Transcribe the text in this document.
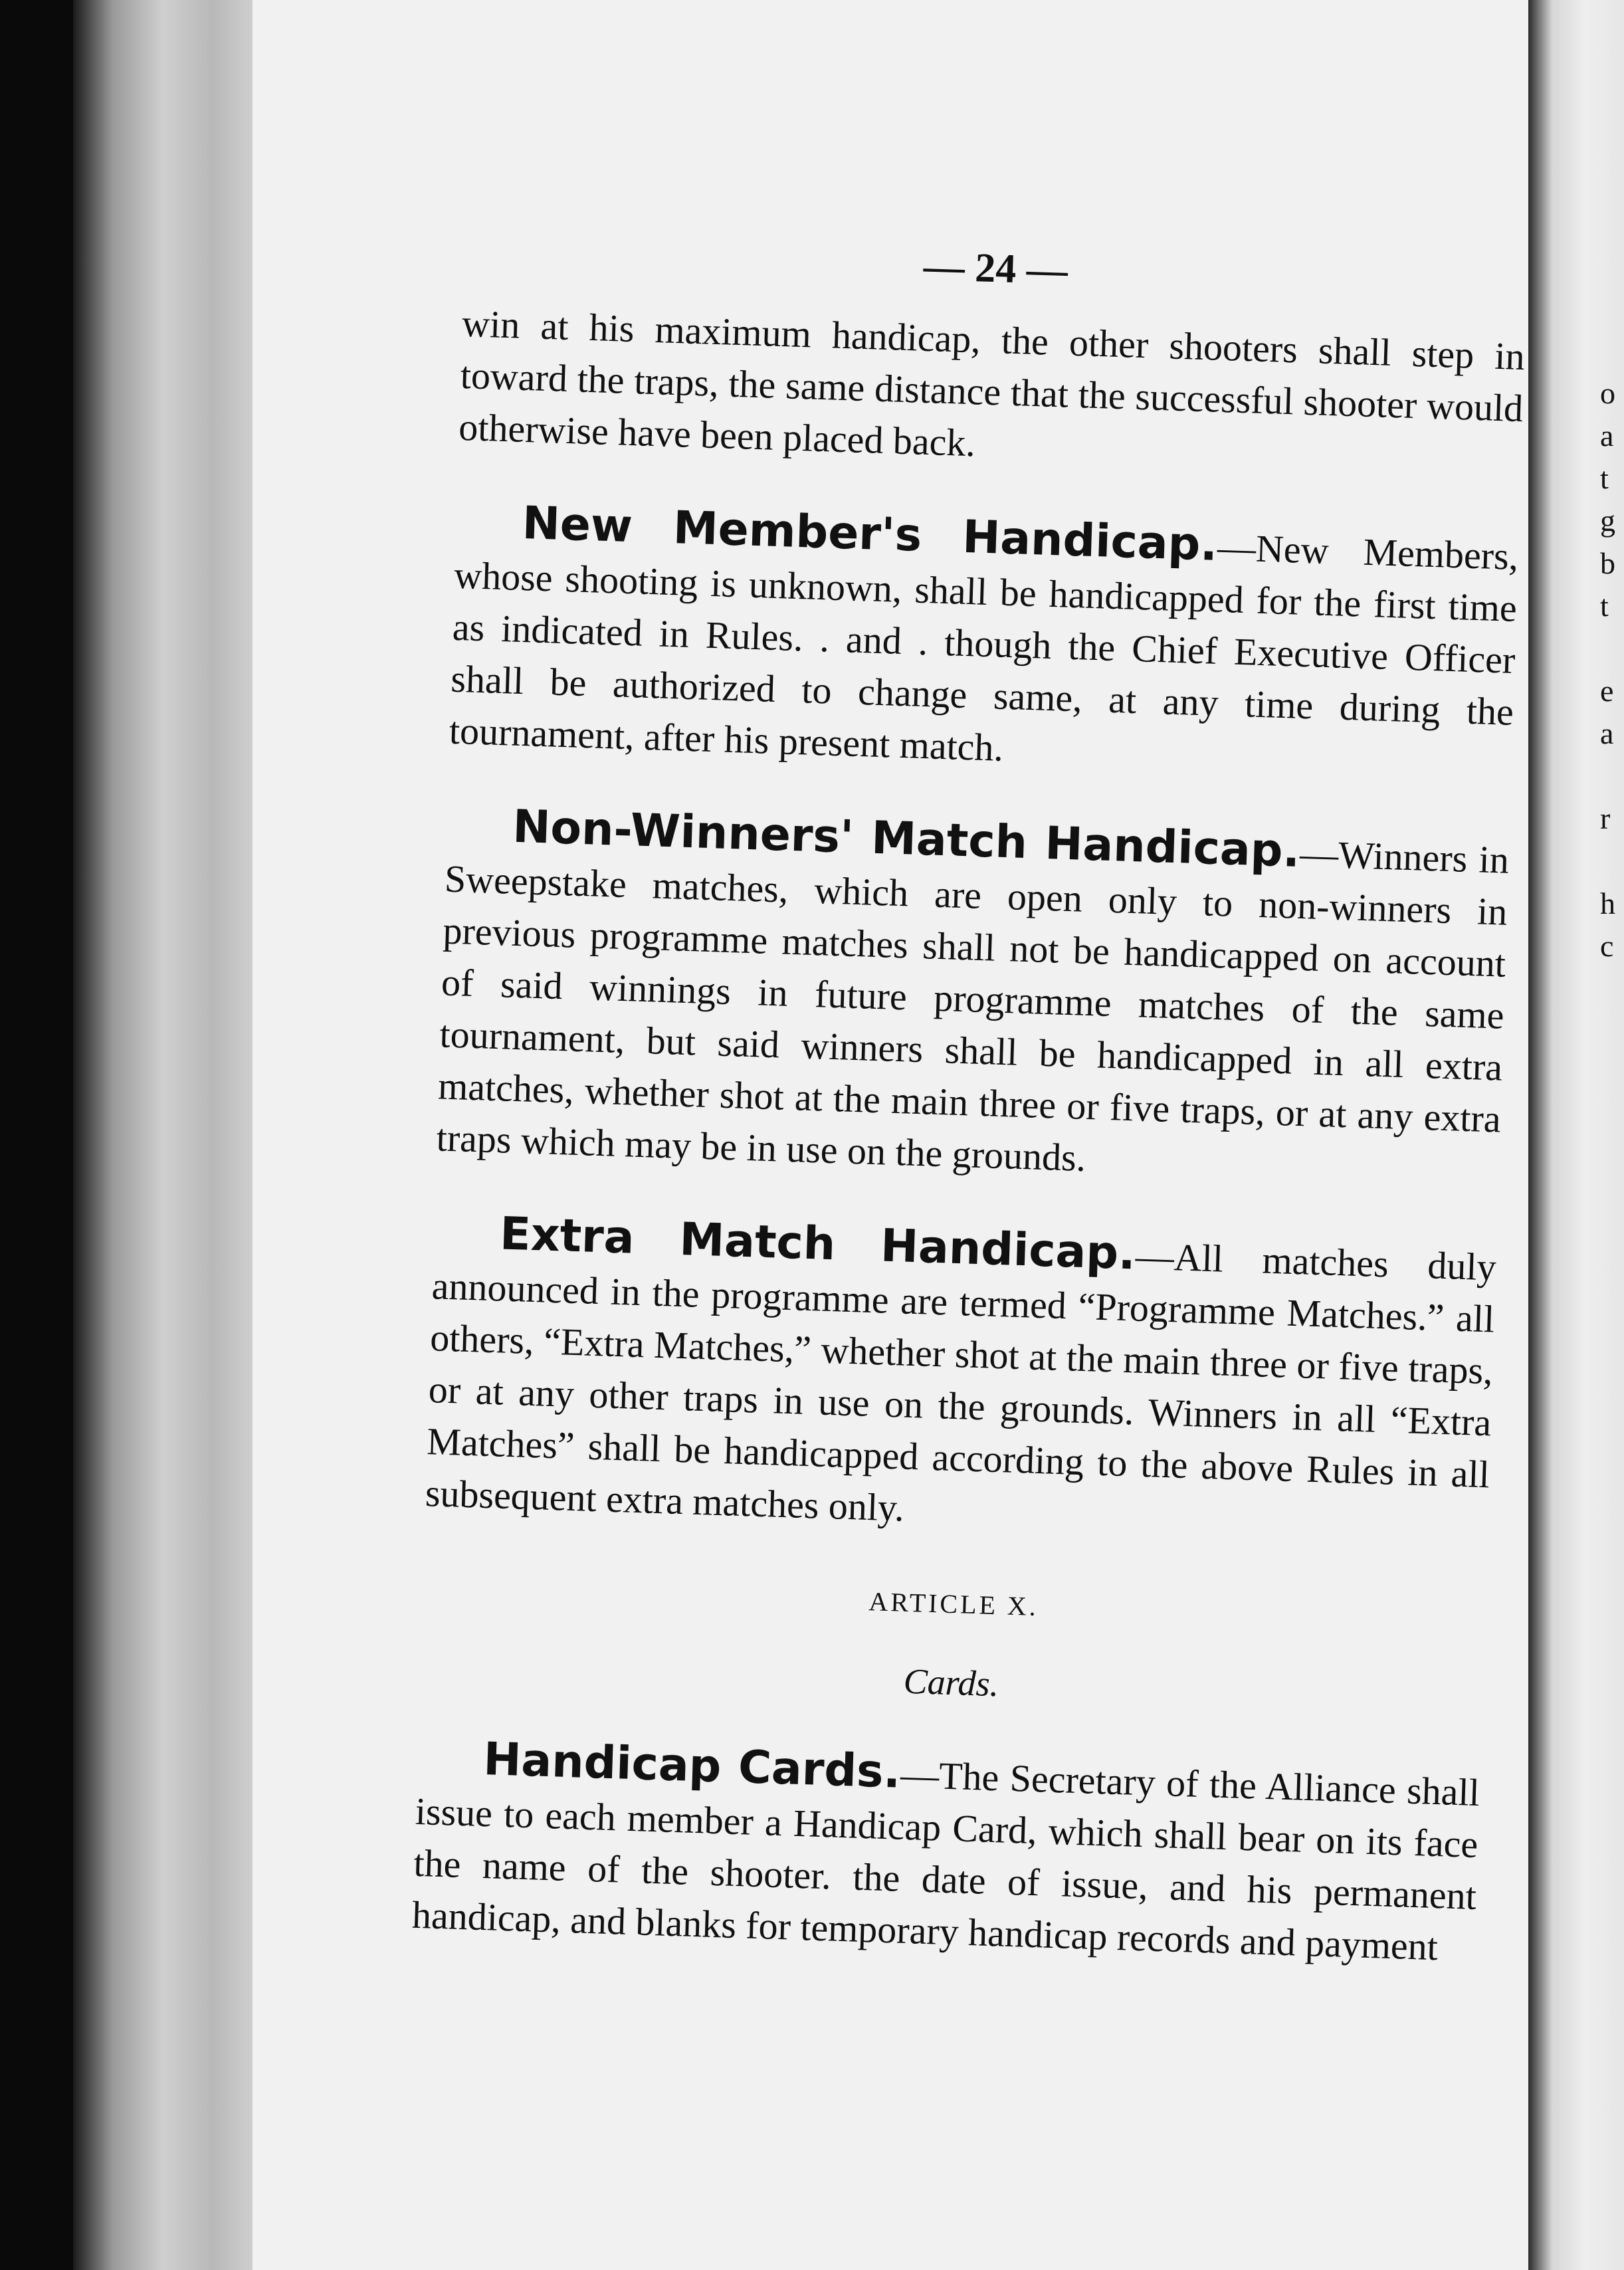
o
a
t
g
b
t

e
a

r

h
c
— 24 —

win at his maximum handicap, the other shooters shall step in toward the traps, the same distance that the successful shooter would otherwise have been placed back.

New Member's Handicap.—New Members, whose shooting is unknown, shall be handicapped for the first time as indicated in Rules. . and . though the Chief Executive Officer shall be authorized to change same, at any time during the tournament, after his present match.

Non-Winners' Match Handicap.—Winners in Sweepstake matches, which are open only to non-winners in previous programme matches shall not be handicapped on account of said winnings in future programme matches of the same tournament, but said winners shall be handicapped in all extra matches, whether shot at the main three or five traps, or at any extra traps which may be in use on the grounds.

Extra Match Handicap.—All matches duly announced in the programme are termed “Programme Matches.” all others, “Extra Matches,” whether shot at the main three or five traps, or at any other traps in use on the grounds. Winners in all “Extra Matches” shall be handicapped according to the above Rules in all subsequent extra matches only.

ARTICLE X.
Cards.

Handicap Cards.—The Secretary of the Alliance shall issue to each member a Handicap Card, which shall bear on its face the name of the shooter. the date of issue, and his permanent handicap, and blanks for temporary handicap records and payment
